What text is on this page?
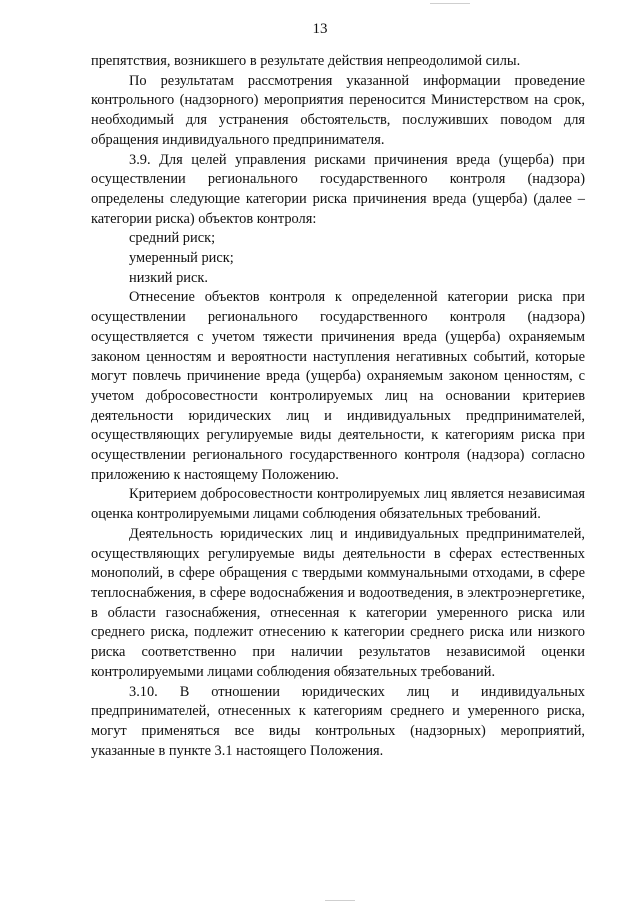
13

препятствия, возникшего в результате действия непреодолимой силы.

По результатам рассмотрения указанной информации проведение контрольного (надзорного) мероприятия переносится Министерством на срок, необходимый для устранения обстоятельств, послуживших поводом для обращения индивидуального предпринимателя.

3.9. Для целей управления рисками причинения вреда (ущерба) при осуществлении регионального государственного контроля (надзора) определены следующие категории риска причинения вреда (ущерба) (далее – категории риска) объектов контроля:

средний риск;

умеренный риск;

низкий риск.

Отнесение объектов контроля к определенной категории риска при осуществлении регионального государственного контроля (надзора) осуществляется с учетом тяжести причинения вреда (ущерба) охраняемым законом ценностям и вероятности наступления негативных событий, которые могут повлечь причинение вреда (ущерба) охраняемым законом ценностям, с учетом добросовестности контролируемых лиц на основании критериев деятельности юридических лиц и индивидуальных предпринимателей, осуществляющих регулируемые виды деятельности, к категориям риска при осуществлении регионального государственного контроля (надзора) согласно приложению к настоящему Положению.

Критерием добросовестности контролируемых лиц является независимая оценка контролируемыми лицами соблюдения обязательных требований.

Деятельность юридических лиц и индивидуальных предпринимателей, осуществляющих регулируемые виды деятельности в сферах естественных монополий, в сфере обращения с твердыми коммунальными отходами, в сфере теплоснабжения, в сфере водоснабжения и водоотведения, в электроэнергетике, в области газоснабжения, отнесенная к категории умеренного риска или среднего риска, подлежит отнесению к категории среднего риска или низкого риска соответственно при наличии результатов независимой оценки контролируемыми лицами соблюдения обязательных требований.

3.10. В отношении юридических лиц и индивидуальных предпринимателей, отнесенных к категориям среднего и умеренного риска, могут применяться все виды контрольных (надзорных) мероприятий, указанные в пункте 3.1 настоящего Положения.
